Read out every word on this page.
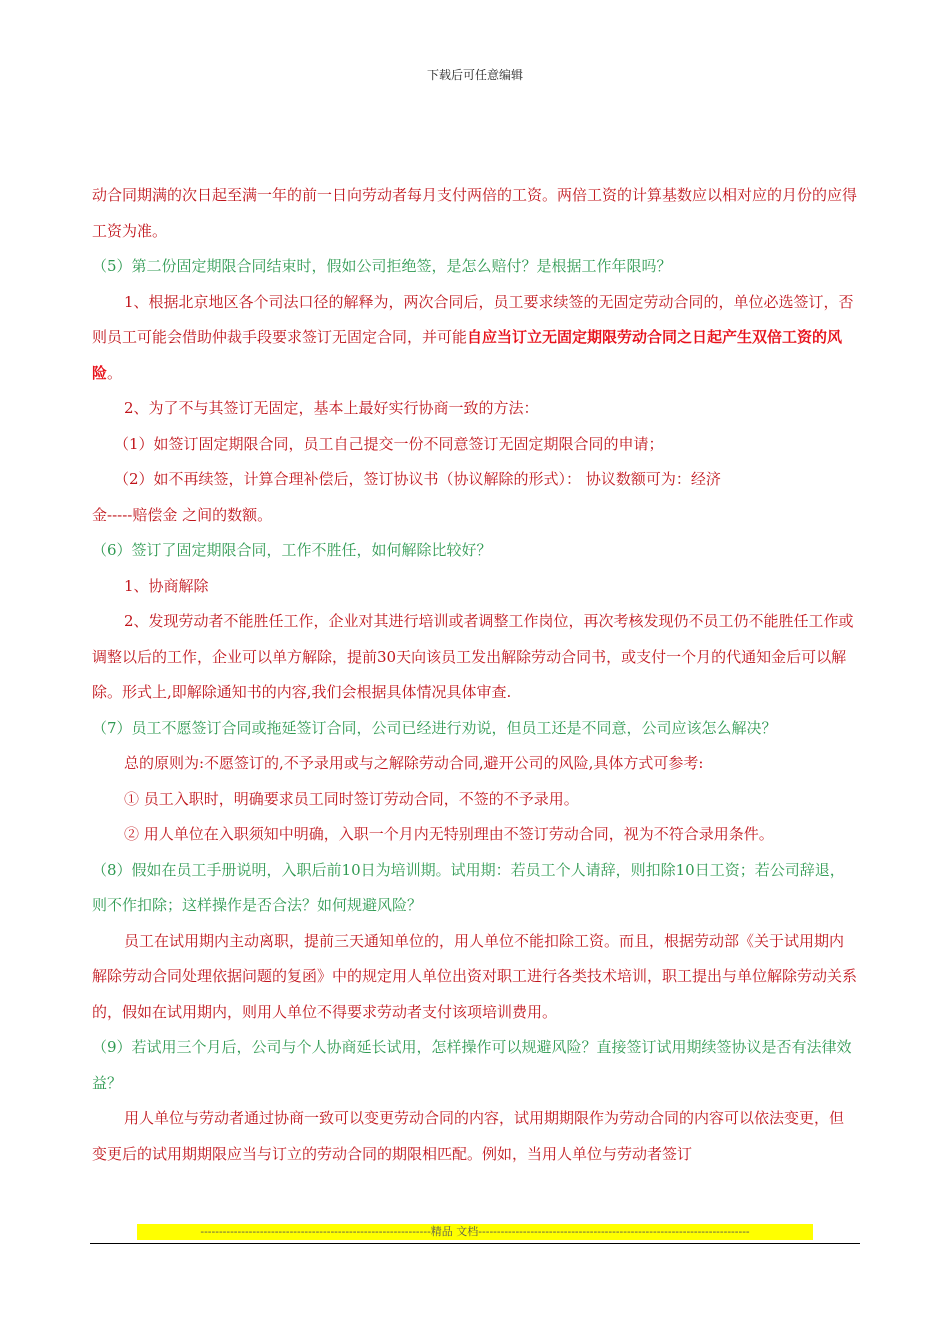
下载后可任意编辑

动合同期满的次日起至满一年的前一日向劳动者每月支付两倍的工资。两倍工资的计算基数应以相对应的月份的应得工资为准。

（5）第二份固定期限合同结束时，假如公司拒绝签，是怎么赔付？是根据工作年限吗？

1、根据北京地区各个司法口径的解释为，两次合同后，员工要求续签的无固定劳动合同的，单位必选签订，否则员工可能会借助仲裁手段要求签订无固定合同，并可能自应当订立无固定期限劳动合同之日起产生双倍工资的风险。

2、为了不与其签订无固定，基本上最好实行协商一致的方法：

（1）如签订固定期限合同，员工自己提交一份不同意签订无固定期限合同的申请；

（2）如不再续签，计算合理补偿后，签订协议书（协议解除的形式）： 协议数额可为：经济

金-----赔偿金 之间的数额。

（6）签订了固定期限合同，工作不胜任，如何解除比较好？

1、协商解除

2、发现劳动者不能胜任工作，企业对其进行培训或者调整工作岗位，再次考核发现仍不员工仍不能胜任工作或调整以后的工作，企业可以单方解除，提前30天向该员工发出解除劳动合同书，或支付一个月的代通知金后可以解除。形式上,即解除通知书的内容,我们会根据具体情况具体审查.

（7）员工不愿签订合同或拖延签订合同，公司已经进行劝说，但员工还是不同意，公司应该怎么解决？

总的原则为:不愿签订的,不予录用或与之解除劳动合同,避开公司的风险,具体方式可参考:

① 员工入职时，明确要求员工同时签订劳动合同，不签的不予录用。

② 用人单位在入职须知中明确，入职一个月内无特别理由不签订劳动合同，视为不符合录用条件。

（8）假如在员工手册说明，入职后前10日为培训期。试用期：若员工个人请辞，则扣除10日工资；若公司辞退，则不作扣除；这样操作是否合法？如何规避风险？

员工在试用期内主动离职，提前三天通知单位的，用人单位不能扣除工资。而且，根据劳动部《关于试用期内解除劳动合同处理依据问题的复函》中的规定用人单位出资对职工进行各类技术培训，职工提出与单位解除劳动关系的，假如在试用期内，则用人单位不得要求劳动者支付该项培训费用。

（9）若试用三个月后，公司与个人协商延长试用，怎样操作可以规避风险？直接签订试用期续签协议是否有法律效益？

用人单位与劳动者通过协商一致可以变更劳动合同的内容，试用期期限作为劳动合同的内容可以依法变更，但变更后的试用期期限应当与订立的劳动合同的期限相匹配。例如，当用人单位与劳动者签订

--------------------------------------------------------------精品 文档-------------------------------------------------------------------------
